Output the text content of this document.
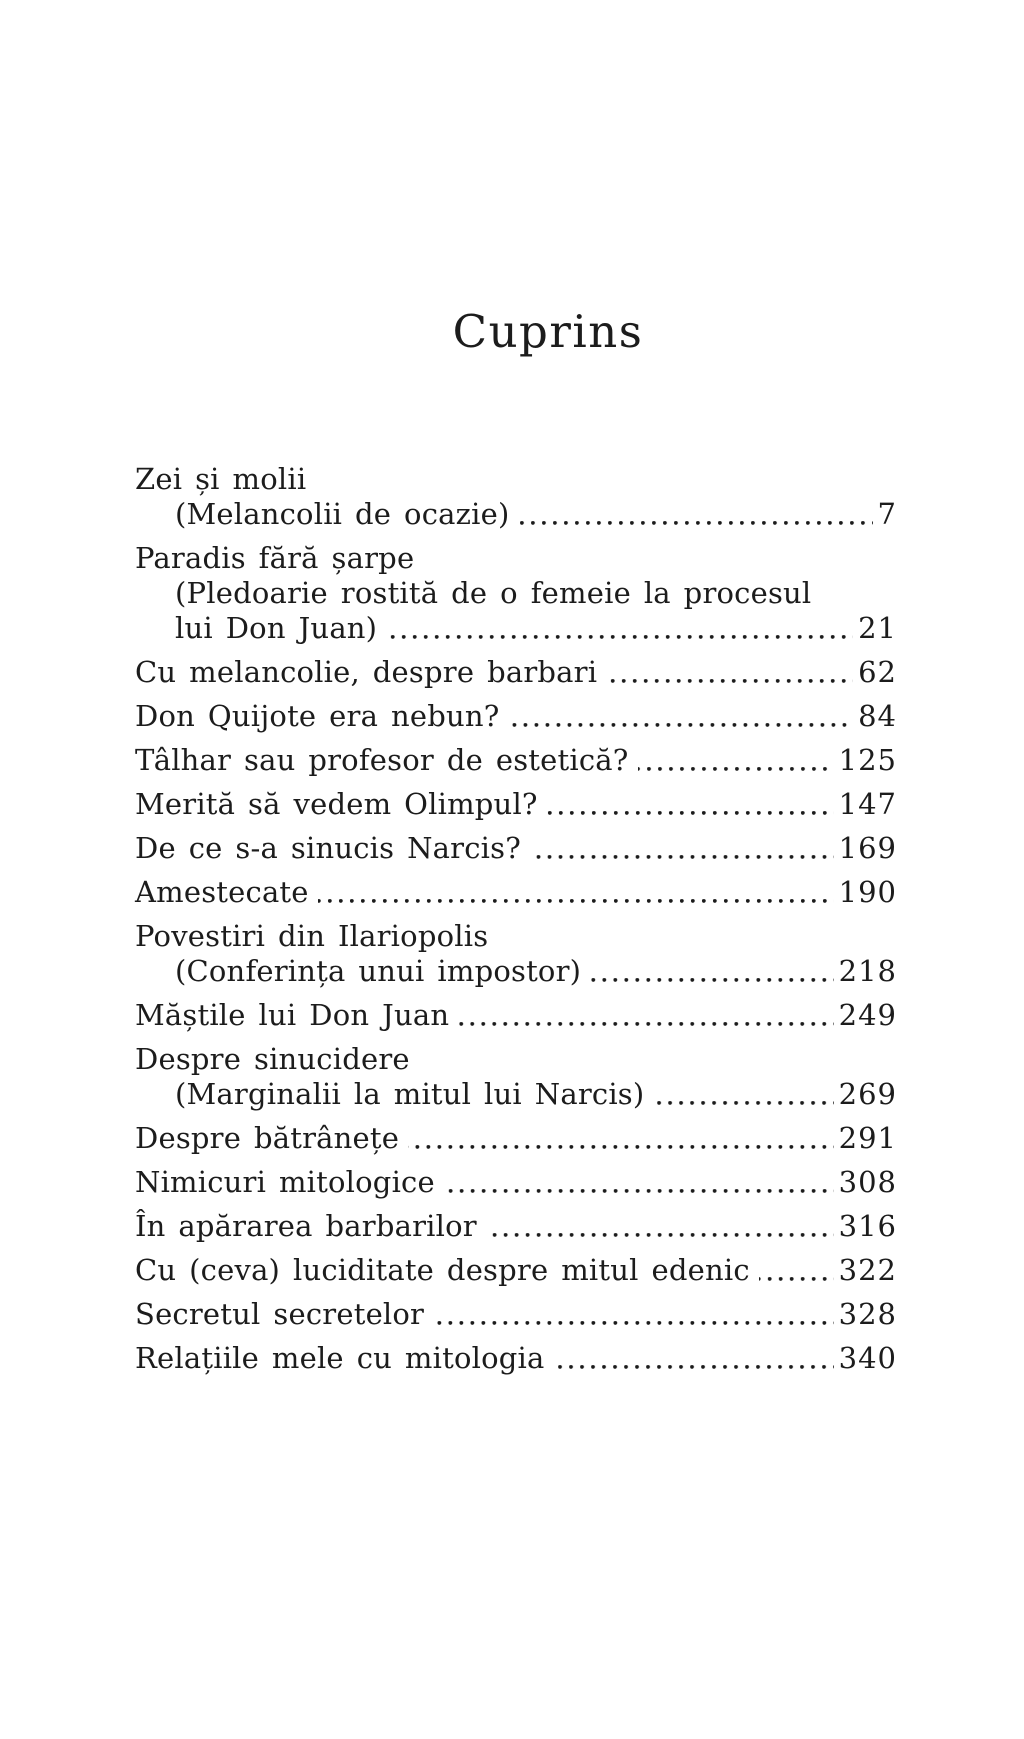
Cuprins
Zei și molii
(Melancolii de ocazie)	7
Paradis fără șarpe
(Pledoarie rostită de o femeie la procesul
lui Don Juan)	21
Cu melancolie, despre barbari	62
Don Quijote era nebun?	84
Tâlhar sau profesor de estetică?	125
Merită să vedem Olimpul?	147
De ce s-a sinucis Narcis?	169
Amestecate	190
Povestiri din Ilariopolis
(Conferința unui impostor)	218
Măștile lui Don Juan	249
Despre sinucidere
(Marginalii la mitul lui Narcis)	269
Despre bătrânețe	291
Nimicuri mitologice	308
În apărarea barbarilor	316
Cu (ceva) luciditate despre mitul edenic	322
Secretul secretelor	328
Relațiile mele cu mitologia	340
